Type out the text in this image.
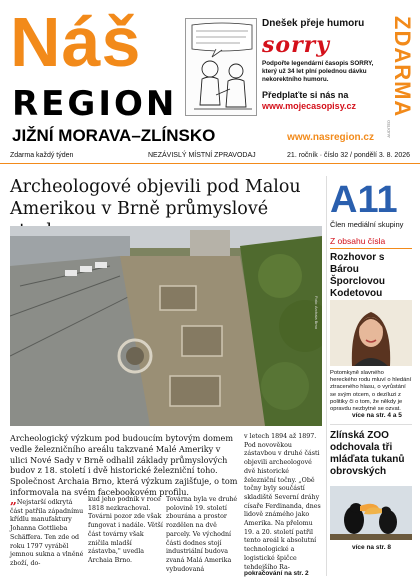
Náš
REGION
JIŽNÍ MORAVA–ZLÍNSKO	www.nasregion.cz
Dnešek přeje humoru
sorry
Podpořte legendární časopis SORRY, který už 34 let plní polednou dávku nekorektního humoru.
Předplaťte si nás na
www.mojecasopisy.cz	ZDARMA
AUDITED
Zdarma každý týden	NEZÁVISLÝ MÍSTNÍ ZPRAVODAJ	21. ročník · číslo 32 / pondělí 3. 8. 2026
Archeologové objevili pod Malou Amerikou v Brně průmyslové
Foto: Archaia Brno

Archeologický výzkum pod budoucím bytovým domem vedle železničního areálu takzvané Malé Ameriky v ulici Nové Sady v Brně odhalil základy průmyslových budov z 18. století i dvě historické železniční toho. Společnost Archaia Brno, která výzkum zajišťuje, o tom informovala na svém facebookovém profilu.

v letech 1894 až 1897. Pod novověkou zástavbou v druhé části objevili archeologové dvě historické železniční točny. „Obě točny byly součástí skladiště Severní dráhy císaře Ferdinanda, dnes lidově známého jako Amerika. Na přelomu 19. a 20. století patřil tento areál k absolutní technologické a logistické špičce tehdejšího Ra-

„Nejstarší odkrytá část patřila západnímu křídlu manufaktury Johanna Gottlieba Schäffera. Ten zde od roku 1797 vyráběl jemnou sukna a vlněné zboží, do-

kud jeho podnik v roce 1818 nezkrachoval. Továrni pozor zde však fungovat i nadále. Větší část továrny však zničila mladší zástavba," uvedla Archaia Brno.

Továrna byla ve druhé polovině 19. století zbourána a prostor rozdělen na dvě parcely. Ve východní části dodnes stojí industriální budova zvaná Malá Amerika vybudovaná

pokračování na str. 2
A11
Člen mediální skupiny
Z obsahu čísla
Rozhovor s Bárou Šporclovou Kodetovou

Potomkyně slavného hereckého rodu mluví o hledání ztraceného hlasu, o vyrůstání se svým otcem, o dezíluzi z politiky či o tom, že někdy je opravdu nezbytné se ozvat.

více na str. 4 a 5
Zlínská ZOO odchovala tři mláďata tukanů obrovských
více na str. 8
